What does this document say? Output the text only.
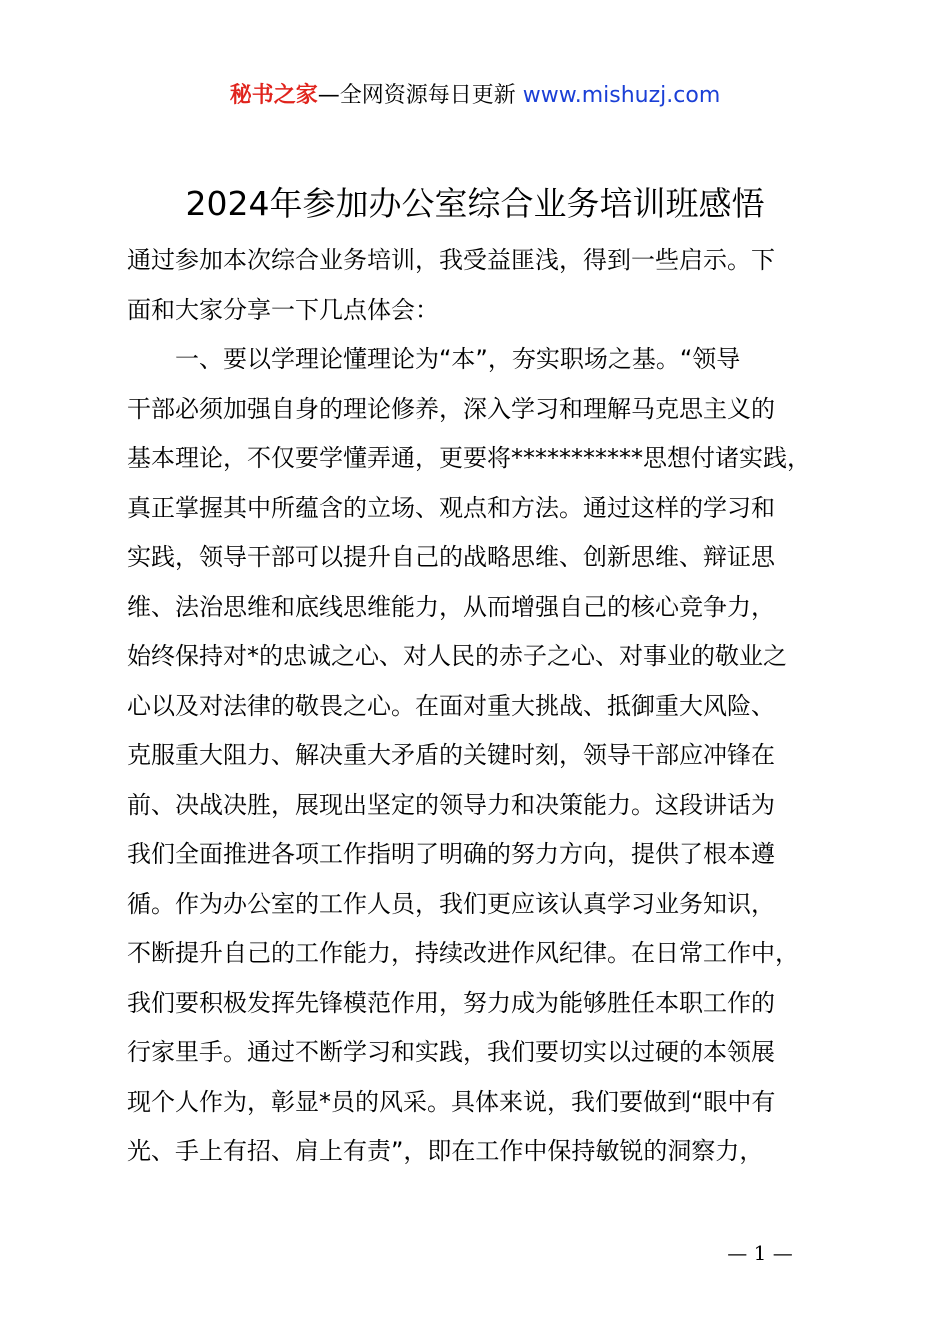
秘书之家—全网资源每日更新 www.mishuzj.com
2024年参加办公室综合业务培训班感悟
通过参加本次综合业务培训，我受益匪浅，得到一些启示。下
面和大家分享一下几点体会：
　　一、要以学理论懂理论为“本”，夯实职场之基。“领导
干部必须加强自身的理论修养，深入学习和理解马克思主义的
基本理论，不仅要学懂弄通，更要将***********思想付诸实践，
真正掌握其中所蕴含的立场、观点和方法。通过这样的学习和
实践，领导干部可以提升自己的战略思维、创新思维、辩证思
维、法治思维和底线思维能力，从而增强自己的核心竞争力，
始终保持对*的忠诚之心、对人民的赤子之心、对事业的敬业之
心以及对法律的敬畏之心。在面对重大挑战、抵御重大风险、
克服重大阻力、解决重大矛盾的关键时刻，领导干部应冲锋在
前、决战决胜，展现出坚定的领导力和决策能力。这段讲话为
我们全面推进各项工作指明了明确的努力方向，提供了根本遵
循。作为办公室的工作人员，我们更应该认真学习业务知识，
不断提升自己的工作能力，持续改进作风纪律。在日常工作中，
我们要积极发挥先锋模范作用，努力成为能够胜任本职工作的
行家里手。通过不断学习和实践，我们要切实以过硬的本领展
现个人作为，彰显*员的风采。具体来说，我们要做到“眼中有
光、手上有招、肩上有责”，即在工作中保持敏锐的洞察力，
— 1 —
